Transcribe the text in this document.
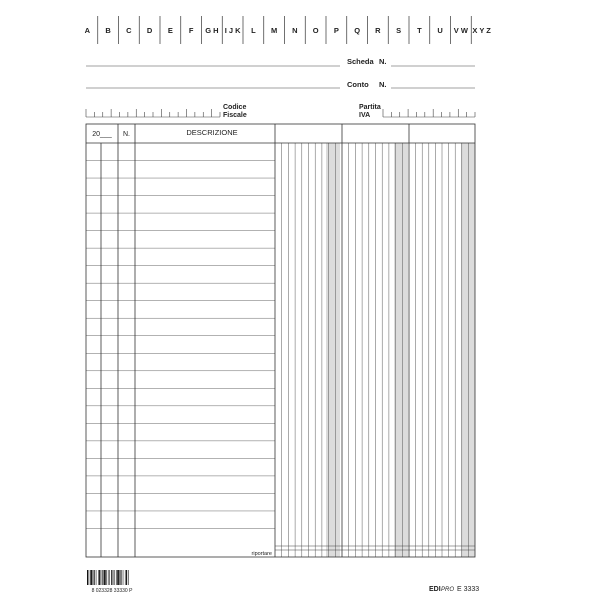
A B C D E F G H I J K L M N O P Q R S T U V W X Y Z
Scheda N.
Conto N.
Codice
Fiscale
Partita
IVA
20___ N.	DESCRIZIONE
riportare
8 023328 33330 P	EDI PRO E 3333
